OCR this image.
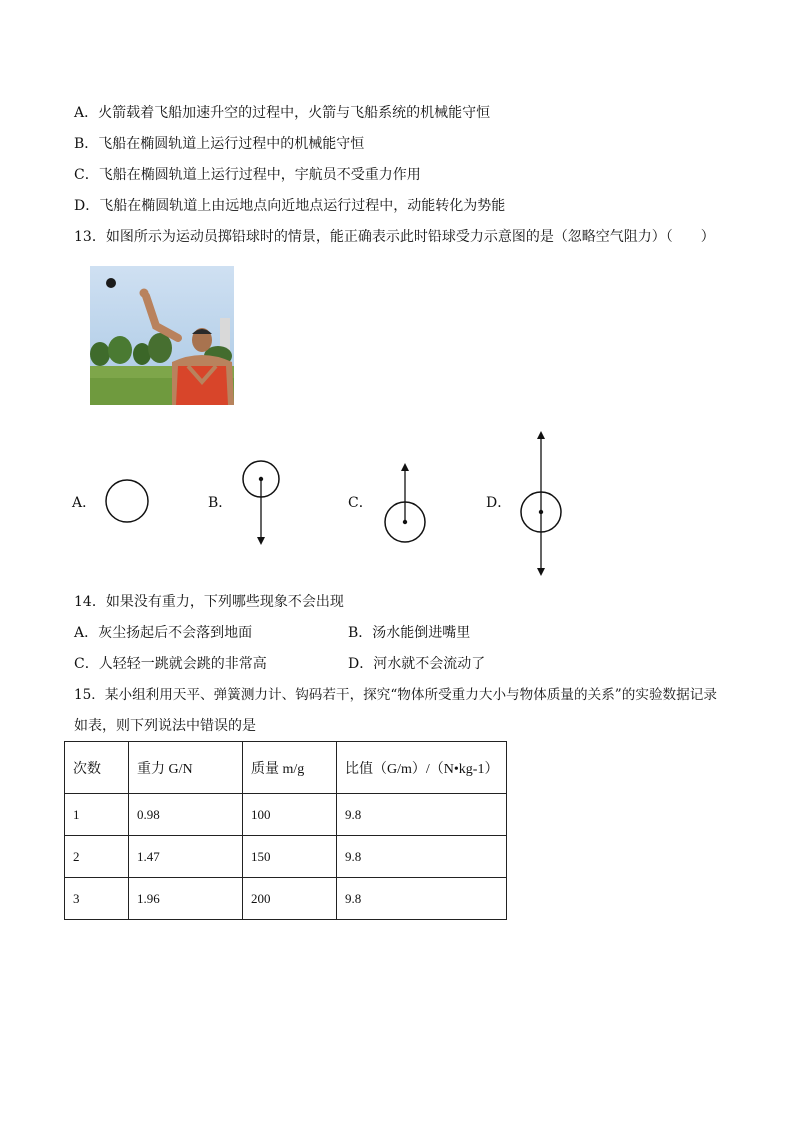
A．火箭载着飞船加速升空的过程中，火箭与飞船系统的机械能守恒
B．飞船在椭圆轨道上运行过程中的机械能守恒
C．飞船在椭圆轨道上运行过程中，宇航员不受重力作用
D．飞船在椭圆轨道上由远地点向近地点运行过程中，动能转化为势能
13．如图所示为运动员掷铅球时的情景，能正确表示此时铅球受力示意图的是（忽略空气阻力）（　　）
A．	B．	C．	D．
14．如果没有重力，下列哪些现象不会出现
A．灰尘扬起后不会落到地面	B．汤水能倒进嘴里
C．人轻轻一跳就会跳的非常高	D．河水就不会流动了
15．某小组利用天平、弹簧测力计、钩码若干，探究“物体所受重力大小与物体质量的关系”的实验数据记录
如表，则下列说法中错误的是
次数	重力 G/N	质量 m/g	比值（G/m）/（N•kg-1）
1	0.98	100	9.8
2	1.47	150	9.8
3	1.96	200	9.8
